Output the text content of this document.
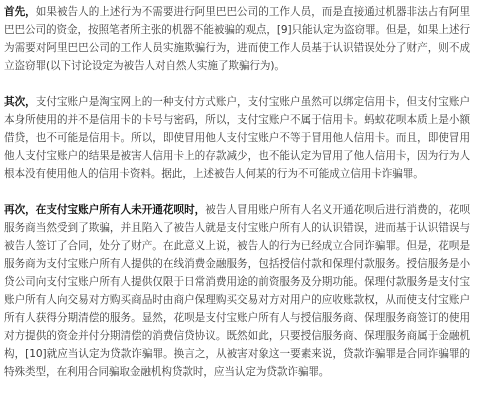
首先，如果被告人的上述行为不需要进行阿里巴巴公司的工作人员，而是直接通过机器非法占有阿里巴巴公司的资金，按照笔者所主张的机器不能被骗的观点，[9]只能认定为盗窃罪。但是，如果上述行为需要对阿里巴巴公司的工作人员实施欺骗行为，进而使工作人员基于认识错误处分了财产，则不成立盗窃罪(以下讨论设定为被告人对自然人实施了欺骗行为)。

其次，支付宝账户是淘宝网上的一种支付方式账户，支付宝账户虽然可以绑定信用卡，但支付宝账户本身所使用的并不是信用卡的卡号与密码，所以，支付宝账户不属于信用卡。蚂蚁花呗本质上是小额借贷，也不可能是信用卡。所以，即使冒用他人支付宝账户不等于冒用他人信用卡。而且，即使冒用他人支付宝账户的结果是被害人信用卡上的存款减少，也不能认定为冒用了他人信用卡，因为行为人根本没有使用他人的信用卡资料。据此，上述被告人何某的行为不可能成立信用卡诈骗罪。

再次，在支付宝账户所有人未开通花呗时，被告人冒用账户所有人名义开通花呗后进行消费的，花呗服务商当然受到了欺骗，并且陷入了被告人就是支付宝账户所有人的认识错误，进而基于认识错误与被告人签订了合同，处分了财产。在此意义上说，被告人的行为已经成立合同诈骗罪。但是，花呗是服务商为支付宝账户所有人提供的在线消费金融服务，包括授信付款和保理付款服务。授信服务是小贷公司向支付宝账户所有人提供仅限于日常消费用途的前资服务及分期功能。保理付款服务是支付宝账户所有人向交易对方购买商品时由商户保理购买交易对方对用户的应收账款权，从而使支付宝账户所有人获得分期清偿的服务。显然，花呗是支付宝账户所有人与授信服务商、保理服务商签订的使用对方提供的资金并付分期清偿的消费信贷协议。既然如此，只要授信服务商、保理服务商属于金融机构，[10]就应当认定为贷款诈骗罪。换言之，从被害对象这一要素来说，贷款诈骗罪是合同诈骗罪的特殊类型，在利用合同骗取金融机构贷款时，应当认定为贷款诈骗罪。
